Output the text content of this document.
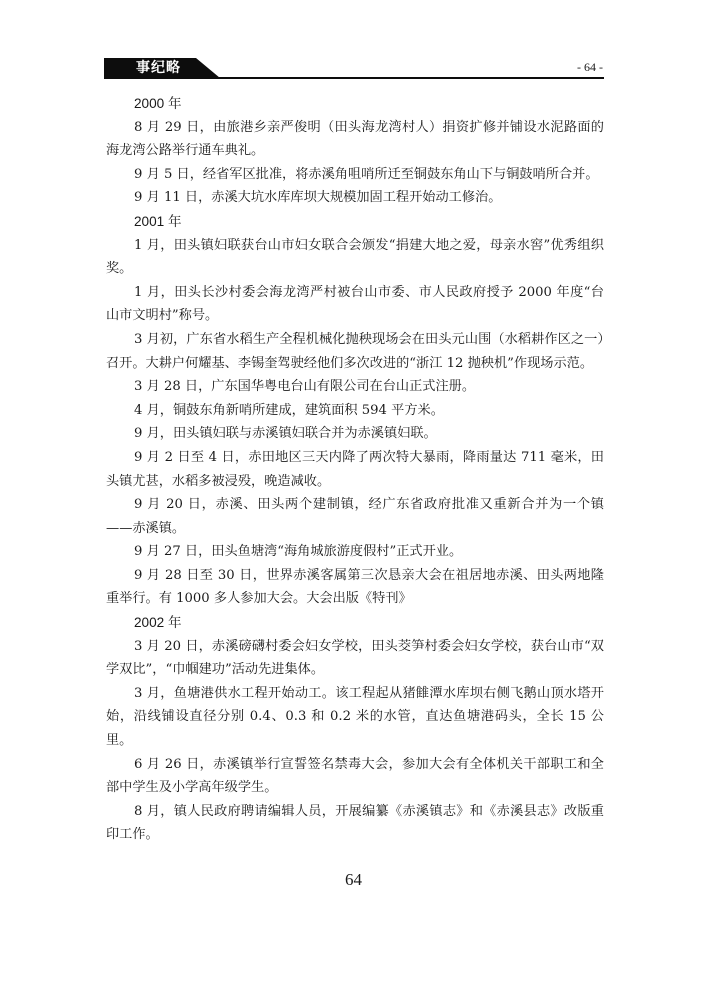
事纪略	- 64 -
2000 年

8 月 29 日，由旅港乡亲严俊明（田头海龙湾村人）捐资扩修并铺设水泥路面的海龙湾公路举行通车典礼。

9 月 5 日，经省军区批准，将赤溪角咀哨所迁至铜鼓东角山下与铜鼓哨所合并。

9 月 11 日，赤溪大坑水库库坝大规模加固工程开始动工修治。

2001 年

1 月，田头镇妇联获台山市妇女联合会颁发“捐建大地之爱，母亲水窖”优秀组织奖。

1 月，田头长沙村委会海龙湾严村被台山市委、市人民政府授予 2000 年度“台山市文明村”称号。

3 月初，广东省水稻生产全程机械化抛秧现场会在田头元山围（水稻耕作区之一）召开。大耕户何耀基、李锡奎驾驶经他们多次改进的“浙江 12 抛秧机”作现场示范。

3 月 28 日，广东国华粤电台山有限公司在台山正式注册。

4 月，铜鼓东角新哨所建成，建筑面积 594 平方米。

9 月，田头镇妇联与赤溪镇妇联合并为赤溪镇妇联。

9 月 2 日至 4 日，赤田地区三天内降了两次特大暴雨，降雨量达 711 毫米，田头镇尤甚，水稻多被浸殁，晚造减收。

9 月 20 日，赤溪、田头两个建制镇，经广东省政府批准又重新合并为一个镇——赤溪镇。

9 月 27 日，田头鱼塘湾“海角城旅游度假村”正式开业。

9 月 28 日至 30 日，世界赤溪客属第三次恳亲大会在祖居地赤溪、田头两地隆重举行。有 1000 多人参加大会。大会出版《特刊》

2002 年

3 月 20 日，赤溪磅礴村委会妇女学校，田头茭笋村委会妇女学校，获台山市“双学双比”，“巾帼建功”活动先进集体。

3 月，鱼塘港供水工程开始动工。该工程起从猪雔潭水库坝右侧飞鹅山顶水塔开始，沿线铺设直径分别 0.4、0.3 和 0.2 米的水管，直达鱼塘港码头，全长 15 公里。

6 月 26 日，赤溪镇举行宣誓签名禁毒大会，参加大会有全体机关干部职工和全部中学生及小学高年级学生。

8 月，镇人民政府聘请编辑人员，开展编纂《赤溪镇志》和《赤溪县志》改版重印工作。

64
